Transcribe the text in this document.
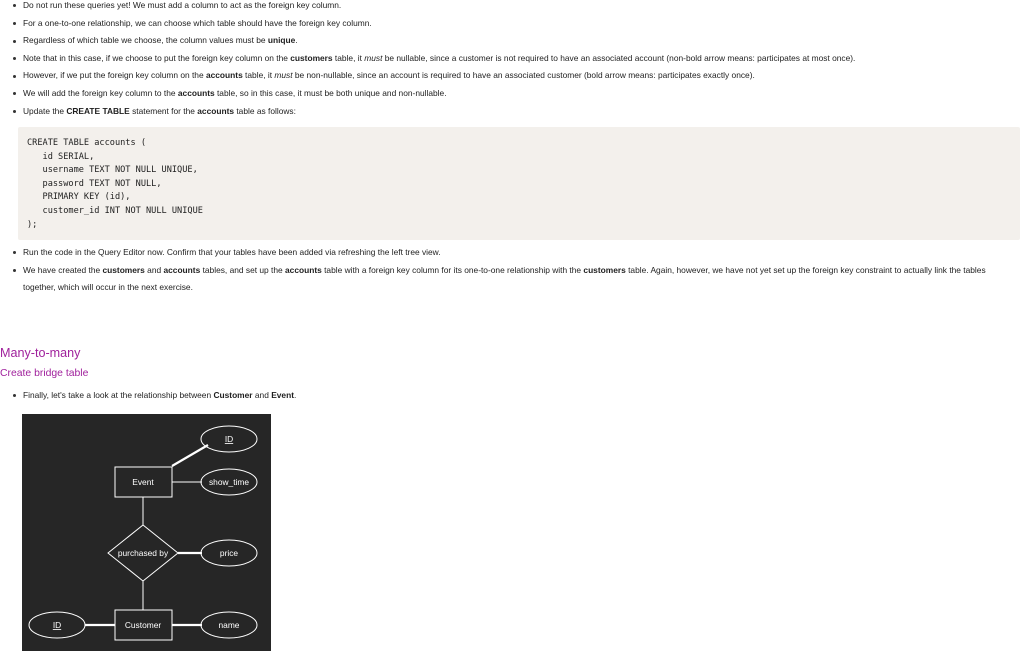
Do not run these queries yet! We must add a column to act as the foreign key column.
For a one-to-one relationship, we can choose which table should have the foreign key column.
Regardless of which table we choose, the column values must be unique.
Note that in this case, if we choose to put the foreign key column on the customers table, it must be nullable, since a customer is not required to have an associated account (non-bold arrow means: participates at most once).
However, if we put the foreign key column on the accounts table, it must be non-nullable, since an account is required to have an associated customer (bold arrow means: participates exactly once).
We will add the foreign key column to the accounts table, so in this case, it must be both unique and non-nullable.
Update the CREATE TABLE statement for the accounts table as follows:
CREATE TABLE accounts (
id SERIAL,
username TEXT NOT NULL UNIQUE,
password TEXT NOT NULL,
PRIMARY KEY (id),
customer_id INT NOT NULL UNIQUE
);
Run the code in the Query Editor now. Confirm that your tables have been added via refreshing the left tree view.
We have created the customers and accounts tables, and set up the accounts table with a foreign key column for its one-to-one relationship with the customers table. Again, however, we have not yet set up the foreign key constraint to actually link the tables together, which will occur in the next exercise.
Many-to-many
Create bridge table
Finally, let's take a look at the relationship between Customer and Event.
Event
Customer
purchased by
ID
show_time
price
ID	name
